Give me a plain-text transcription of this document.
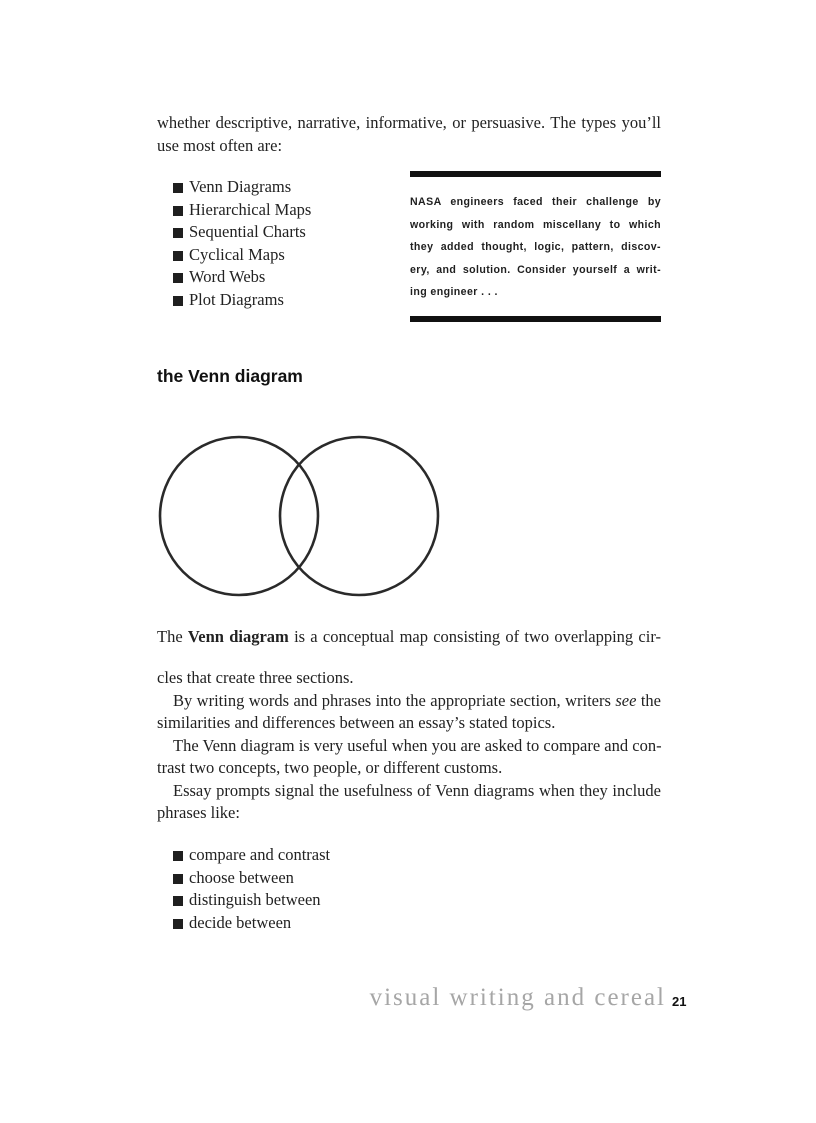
whether descriptive, narrative, informative, or persuasive. The types you’ll
use most often are:
Venn Diagrams
Hierarchical Maps
Sequential Charts
Cyclical Maps
Word Webs
Plot Diagrams
NASA engineers faced their challenge by
working with random miscellany to which
they added thought, logic, pattern, discov-
ery, and solution. Consider yourself a writ-
ing engineer . . .
the Venn diagram
The Venn diagram is a conceptual map consisting of two overlapping cir-
cles that create three sections.
By writing words and phrases into the appropriate section, writers see the
similarities and differences between an essay’s stated topics.
The Venn diagram is very useful when you are asked to compare and con-
trast two concepts, two people, or different customs.
Essay prompts signal the usefulness of Venn diagrams when they include
phrases like:
compare and contrast
choose between
distinguish between
decide between
visual writing and cereal 21
